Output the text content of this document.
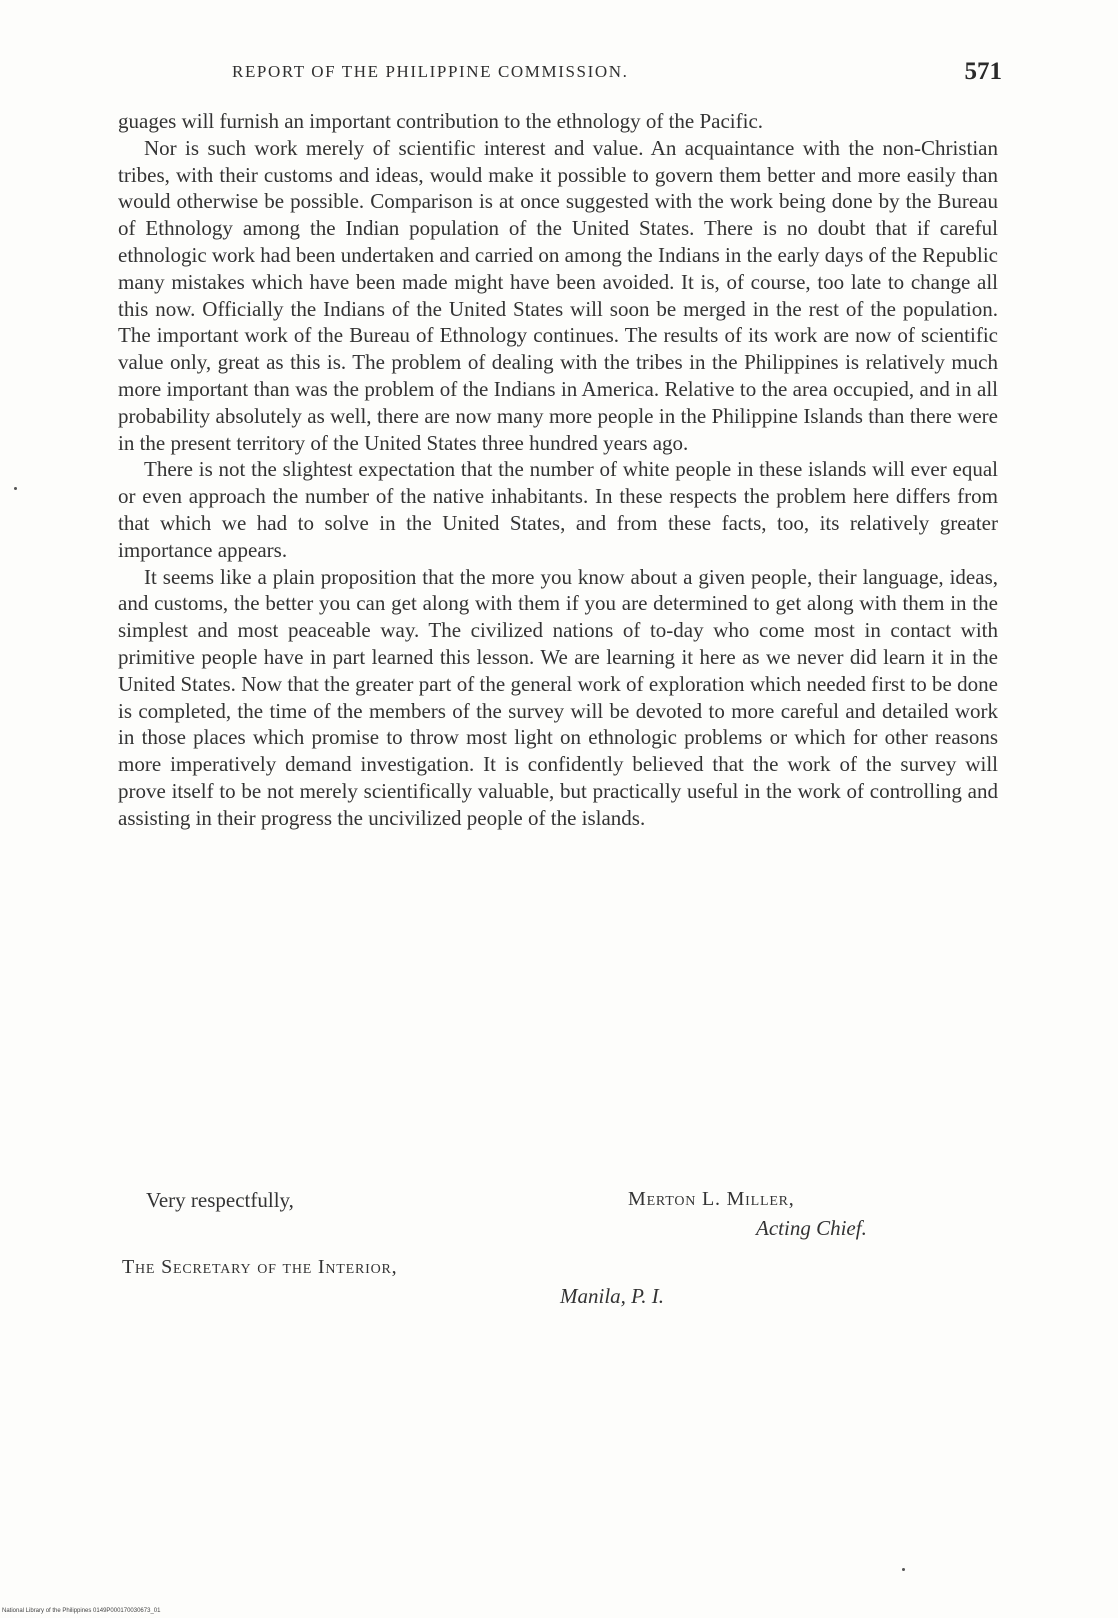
REPORT OF THE PHILIPPINE COMMISSION.	571

guages will furnish an important contribution to the ethnology of the Pacific.

Nor is such work merely of scientific interest and value. An acquaintance with the non-Christian tribes, with their customs and ideas, would make it possible to govern them better and more easily than would otherwise be possible. Comparison is at once suggested with the work being done by the Bureau of Ethnology among the Indian population of the United States. There is no doubt that if careful ethnologic work had been undertaken and carried on among the Indians in the early days of the Republic many mistakes which have been made might have been avoided. It is, of course, too late to change all this now. Officially the Indians of the United States will soon be merged in the rest of the population. The important work of the Bureau of Ethnology continues. The results of its work are now of scientific value only, great as this is. The problem of dealing with the tribes in the Philippines is relatively much more important than was the problem of the Indians in America. Relative to the area occupied, and in all probability absolutely as well, there are now many more people in the Philippine Islands than there were in the present territory of the United States three hundred years ago.

There is not the slightest expectation that the number of white people in these islands will ever equal or even approach the number of the native inhabitants. In these respects the problem here differs from that which we had to solve in the United States, and from these facts, too, its relatively greater importance appears.

It seems like a plain proposition that the more you know about a given people, their language, ideas, and customs, the better you can get along with them if you are determined to get along with them in the simplest and most peaceable way. The civilized nations of to-day who come most in contact with primitive people have in part learned this lesson. We are learning it here as we never did learn it in the United States. Now that the greater part of the general work of exploration which needed first to be done is completed, the time of the members of the survey will be devoted to more careful and detailed work in those places which promise to throw most light on ethnologic problems or which for other reasons more imperatively demand investigation. It is confidently believed that the work of the survey will prove itself to be not merely scientifically valuable, but practically useful in the work of controlling and assisting in their progress the uncivilized people of the islands.

Very respectfully,	Merton L. Miller,
Acting Chief.
The Secretary of the Interior,
Manila, P. I.
National Library of the Philippines 0149P000170030673_01
